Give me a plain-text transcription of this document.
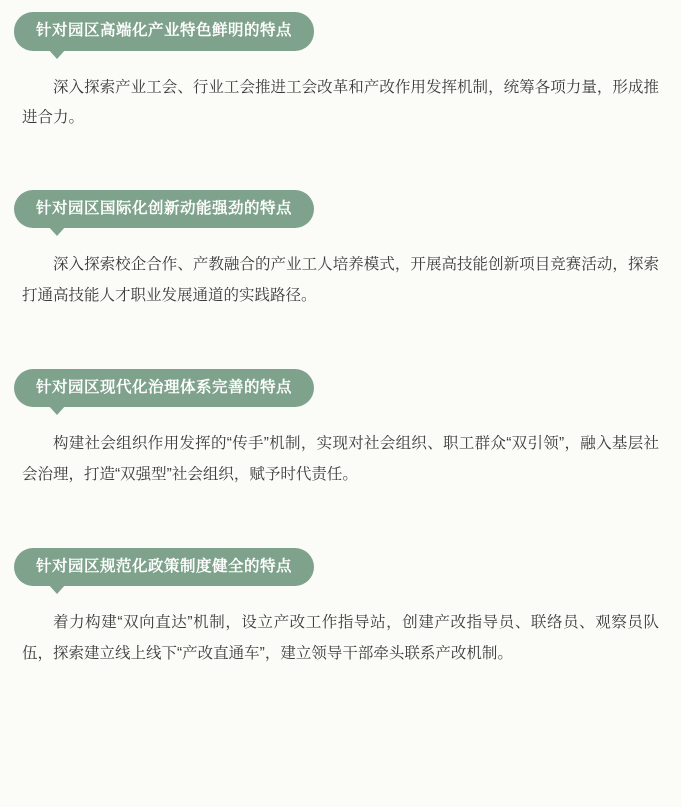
针对园区高端化产业特色鲜明的特点

深入探索产业工会、行业工会推进工会改革和产改作用发挥机制，统筹各项力量，形成推进合力。

针对园区国际化创新动能强劲的特点

深入探索校企合作、产教融合的产业工人培养模式，开展高技能创新项目竞赛活动，探索打通高技能人才职业发展通道的实践路径。

针对园区现代化治理体系完善的特点

构建社会组织作用发挥的“传手”机制，实现对社会组织、职工群众“双引领”，融入基层社会治理，打造“双强型”社会组织，赋予时代责任。

针对园区规范化政策制度健全的特点

着力构建“双向直达”机制，设立产改工作指导站，创建产改指导员、联络员、观察员队伍，探索建立线上线下“产改直通车”，建立领导干部牵头联系产改机制。
